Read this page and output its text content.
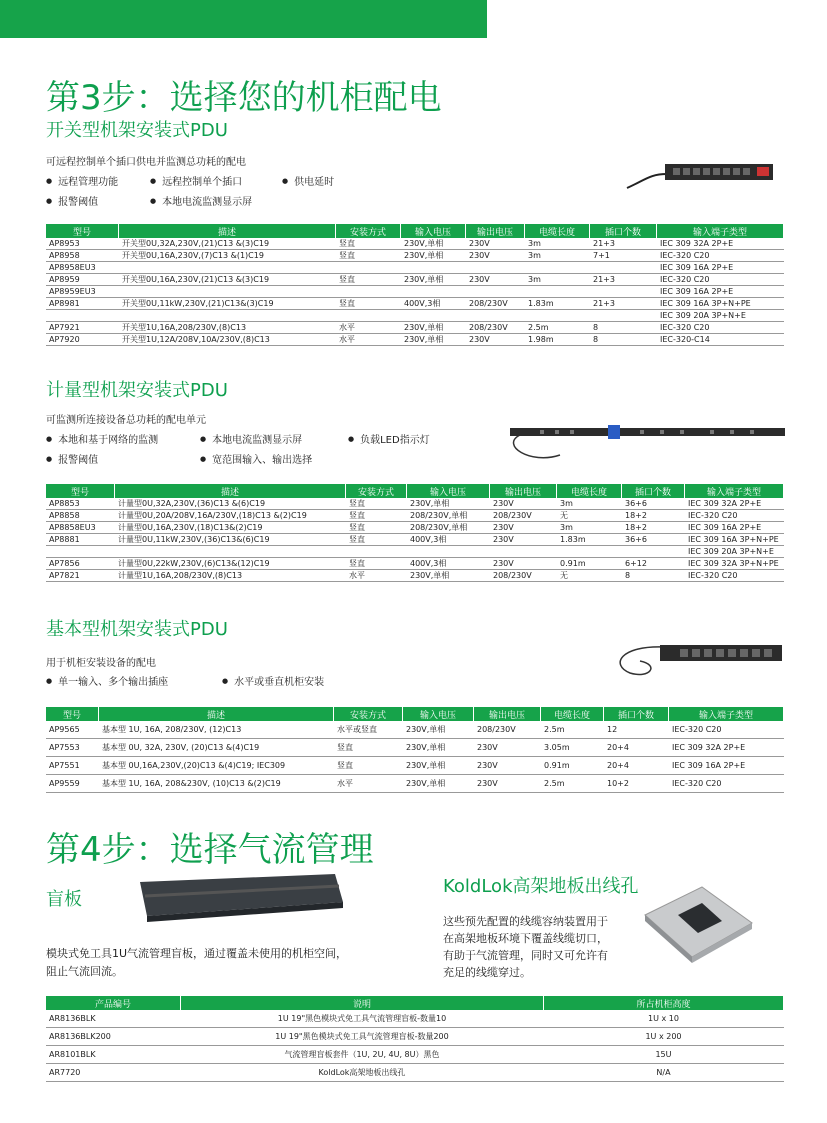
第3步：选择您的机柜配电
开关型机架安装式PDU
可远程控制单个插口供电并监测总功耗的配电
● 远程管理功能	● 远程控制单个插口	● 供电延时
● 报警阈值	● 本地电流监测显示屏
型号	描述	安装方式	输入电压	输出电压	电缆长度	插口个数	输入端子类型
AP8953	开关型0U,32A,230V,(21)C13 &(3)C19	竖直	230V,单相	230V	3m	21+3	IEC 309 32A 2P+E
AP8958	开关型0U,16A,230V,(7)C13 &(1)C19	竖直	230V,单相	230V	3m	7+1	IEC-320 C20
AP8958EU3							IEC 309 16A 2P+E
AP8959	开关型0U,16A,230V,(21)C13 &(3)C19	竖直	230V,单相	230V	3m	21+3	IEC-320 C20
AP8959EU3							IEC 309 16A 2P+E
AP8981	开关型0U,11kW,230V,(21)C13&(3)C19	竖直	400V,3相	208/230V	1.83m	21+3	IEC 309 16A 3P+N+PE
							IEC 309 20A 3P+N+E
AP7921	开关型1U,16A,208/230V,(8)C13	水平	230V,单相	208/230V	2.5m	8	IEC-320 C20
AP7920	开关型1U,12A/208V,10A/230V,(8)C13	水平	230V,单相	230V	1.98m	8	IEC-320-C14
计量型机架安装式PDU
可监测所连接设备总功耗的配电单元
● 本地和基于网络的监测	● 本地电流监测显示屏	● 负载LED指示灯
● 报警阈值	● 宽范围输入、输出选择
型号	描述	安装方式	输入电压	输出电压	电缆长度	插口个数	输入端子类型
AP8853	计量型0U,32A,230V,(36)C13 &(6)C19	竖直	230V,单相	230V	3m	36+6	IEC 309 32A 2P+E
AP8858	计量型0U,20A/208V,16A/230V,(18)C13 &(2)C19	竖直	208/230V,单相	208/230V	无	18+2	IEC-320 C20
AP8858EU3	计量型0U,16A,230V,(18)C13&(2)C19	竖直	208/230V,单相	230V	3m	18+2	IEC 309 16A 2P+E
AP8881	计量型0U,11kW,230V,(36)C13&(6)C19	竖直	400V,3相	230V	1.83m	36+6	IEC 309 16A 3P+N+PE
							IEC 309 20A 3P+N+E
AP7856	计量型0U,22kW,230V,(6)C13&(12)C19	竖直	400V,3相	230V	0.91m	6+12	IEC 309 32A 3P+N+PE
AP7821	计量型1U,16A,208/230V,(8)C13	水平	230V,单相	208/230V	无	8	IEC-320 C20
基本型机架安装式PDU
用于机柜安装设备的配电
● 单一输入、多个输出插座	● 水平或垂直机柜安装
型号	描述	安装方式	输入电压	输出电压	电缆长度	插口个数	输入端子类型
AP9565	基本型 1U, 16A, 208/230V, (12)C13	水平或竖直	230V,单相	208/230V	2.5m	12	IEC-320 C20
AP7553	基本型 0U, 32A, 230V, (20)C13 &(4)C19	竖直	230V,单相	230V	3.05m	20+4	IEC 309 32A 2P+E
AP7551	基本型 0U,16A,230V,(20)C13 &(4)C19; IEC309	竖直	230V,单相	230V	0.91m	20+4	IEC 309 16A 2P+E
AP9559	基本型 1U, 16A, 208&230V, (10)C13 &(2)C19	水平	230V,单相	230V	2.5m	10+2	IEC-320 C20
第4步：选择气流管理
盲板
模块式免工具1U气流管理盲板，通过覆盖未使用的机柜空间，
阻止气流回流。
KoldLok高架地板出线孔
这些预先配置的线缆容纳装置用于
在高架地板环境下覆盖线缆切口，
有助于气流管理，同时又可允许有
充足的线缆穿过。
产品编号	说明	所占机柜高度
AR8136BLK	1U 19"黑色模块式免工具气流管理盲板-数量10	1U x 10
AR8136BLK200	1U 19"黑色模块式免工具气流管理盲板-数量200	1U x 200
AR8101BLK	气流管理盲板套件（1U, 2U, 4U, 8U）黑色	15U
AR7720	KoldLok高架地板出线孔	N/A
